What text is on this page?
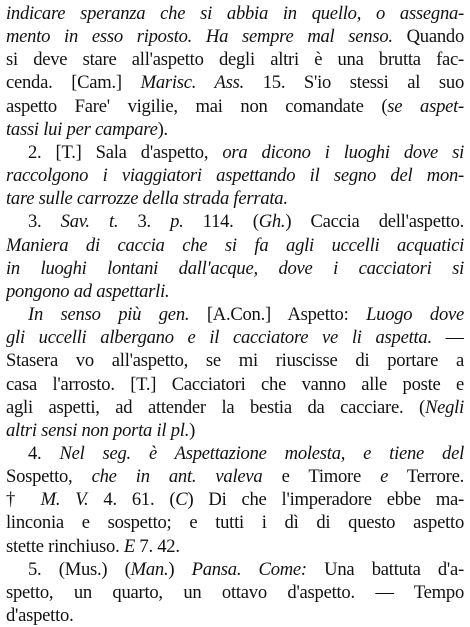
indicare speranza che si abbia in quello, o assegna-
mento in esso riposto. Ha sempre mal senso. Quando
si deve stare all'aspetto degli altri è una brutta fac-
cenda. [Cam.] Marisc. Ass. 15. S'io stessi al suo
aspetto Fare' vigilie, mai non comandate (se aspet-
tassi lui per campare).
2. [T.] Sala d'aspetto, ora dicono i luoghi dove si
raccolgono i viaggiatori aspettando il segno del mon-
tare sulle carrozze della strada ferrata.
3. Sav. t. 3. p. 114. (Gh.) Caccia dell'aspetto.
Maniera di caccia che si fa agli uccelli acquatici
in luoghi lontani dall'acque, dove i cacciatori si
pongono ad aspettarli.
In senso più gen. [A.Con.] Aspetto: Luogo dove
gli uccelli albergano e il cacciatore ve li aspetta. —
Stasera vo all'aspetto, se mi riuscisse di portare a
casa l'arrosto. [T.] Cacciatori che vanno alle poste e
agli aspetti, ad attender la bestia da cacciare. (Negli
altri sensi non porta il pl.)
4. Nel seg. è Aspettazione molesta, e tiene del
Sospetto, che in ant. valeva e Timore e Terrore.
† M. V. 4. 61. (C) Di che l'imperadore ebbe ma-
linconia e sospetto; e tutti i dì di questo aspetto
stette rinchiuso. E 7. 42.
5. (Mus.) (Man.) Pansa. Come: Una battuta d'a-
spetto, un quarto, un ottavo d'aspetto. — Tempo
d'aspetto.
